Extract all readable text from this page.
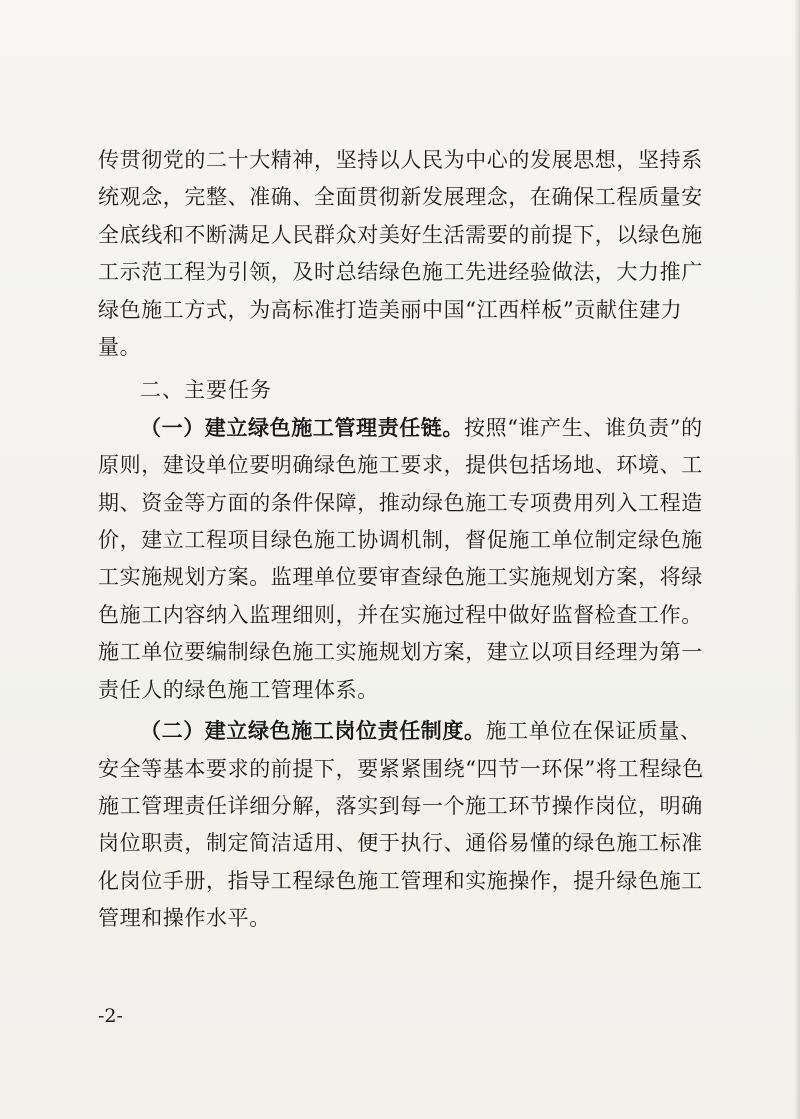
传贯彻党的二十大精神，坚持以人民为中心的发展思想，坚持系统观念，完整、准确、全面贯彻新发展理念，在确保工程质量安全底线和不断满足人民群众对美好生活需要的前提下，以绿色施工示范工程为引领，及时总结绿色施工先进经验做法，大力推广绿色施工方式，为高标准打造美丽中国“江西样板”贡献住建力量。

二、主要任务

（一）建立绿色施工管理责任链。按照“谁产生、谁负责”的原则，建设单位要明确绿色施工要求，提供包括场地、环境、工期、资金等方面的条件保障，推动绿色施工专项费用列入工程造价，建立工程项目绿色施工协调机制，督促施工单位制定绿色施工实施规划方案。监理单位要审查绿色施工实施规划方案，将绿色施工内容纳入监理细则，并在实施过程中做好监督检查工作。施工单位要编制绿色施工实施规划方案，建立以项目经理为第一责任人的绿色施工管理体系。

（二）建立绿色施工岗位责任制度。施工单位在保证质量、安全等基本要求的前提下，要紧紧围绕“四节一环保”将工程绿色施工管理责任详细分解，落实到每一个施工环节操作岗位，明确岗位职责，制定简洁适用、便于执行、通俗易懂的绿色施工标准化岗位手册，指导工程绿色施工管理和实施操作，提升绿色施工管理和操作水平。

-2-
